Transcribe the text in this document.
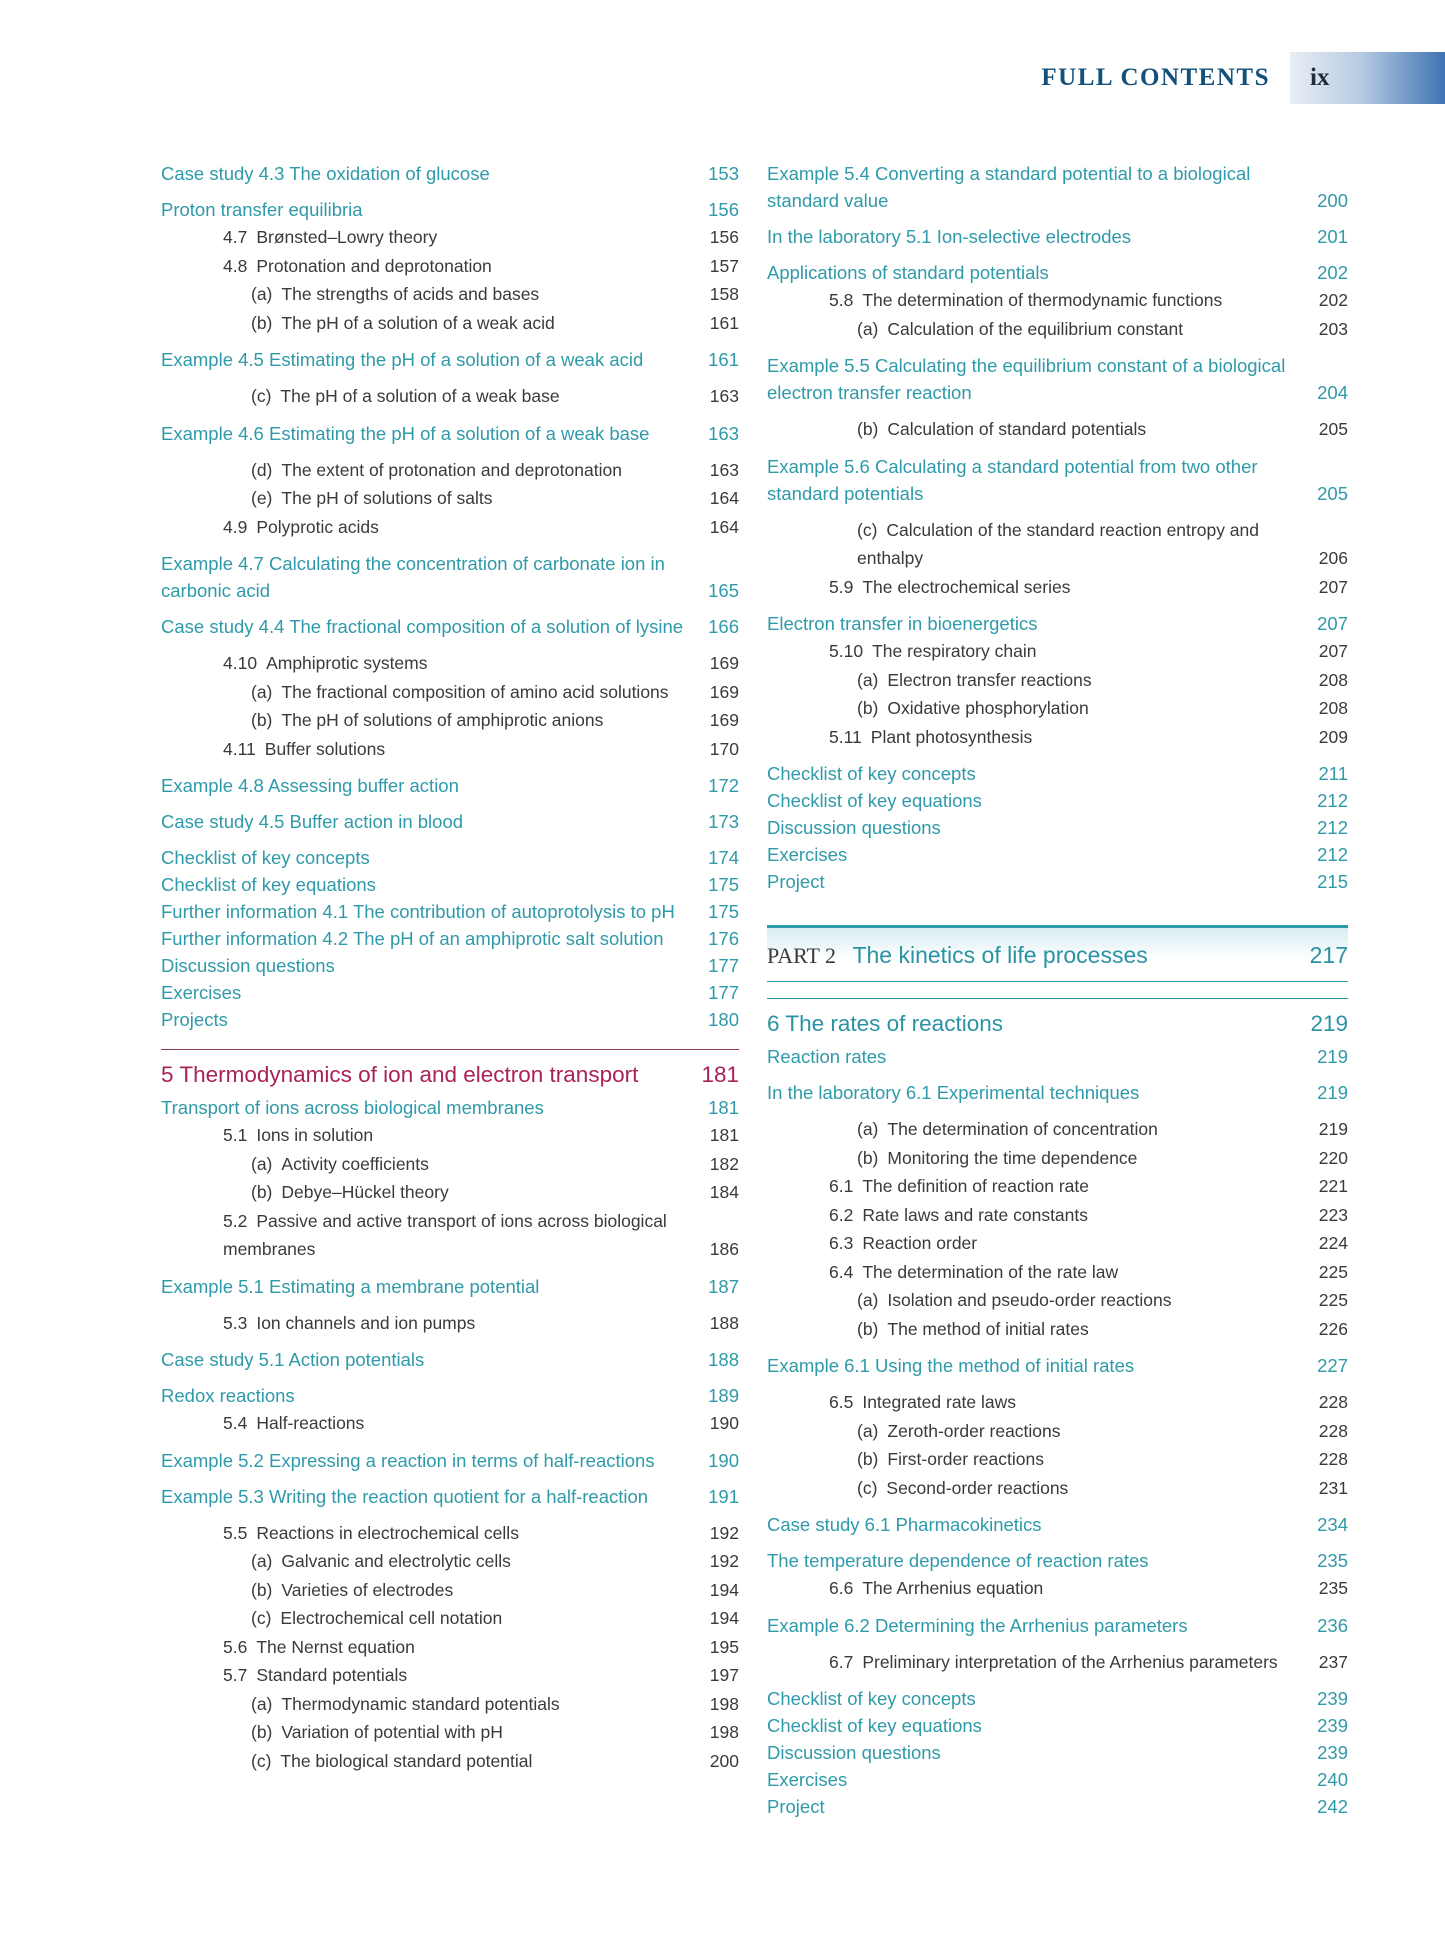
FULL CONTENTS ix
Case study 4.3 The oxidation of glucose	153
Proton transfer equilibria	156
4.7 Brønsted–Lowry theory	156
4.8 Protonation and deprotonation	157
(a) The strengths of acids and bases	158
(b) The pH of a solution of a weak acid	161
Example 4.5 Estimating the pH of a solution of a weak acid	161
(c) The pH of a solution of a weak base	163
Example 4.6 Estimating the pH of a solution of a weak base	163
(d) The extent of protonation and deprotonation	163
(e) The pH of solutions of salts	164
4.9 Polyprotic acids	164
Example 4.7 Calculating the concentration of carbonate ion in carbonic acid	165
Case study 4.4 The fractional composition of a solution of lysine	166
4.10 Amphiprotic systems	169
(a) The fractional composition of amino acid solutions	169
(b) The pH of solutions of amphiprotic anions	169
4.11 Buffer solutions	170
Example 4.8 Assessing buffer action	172
Case study 4.5 Buffer action in blood	173
Checklist of key concepts	174
Checklist of key equations	175
Further information 4.1 The contribution of autoprotolysis to pH	175
Further information 4.2 The pH of an amphiprotic salt solution	176
Discussion questions	177
Exercises	177
Projects	180
5 Thermodynamics of ion and electron transport	181
Transport of ions across biological membranes	181
5.1 Ions in solution	181
(a) Activity coefficients	182
(b) Debye–Hückel theory	184
5.2 Passive and active transport of ions across biological membranes	186
Example 5.1 Estimating a membrane potential	187
5.3 Ion channels and ion pumps	188
Case study 5.1 Action potentials	188
Redox reactions	189
5.4 Half-reactions	190
Example 5.2 Expressing a reaction in terms of half-reactions	190
Example 5.3 Writing the reaction quotient for a half-reaction	191
5.5 Reactions in electrochemical cells	192
(a) Galvanic and electrolytic cells	192
(b) Varieties of electrodes	194
(c) Electrochemical cell notation	194
5.6 The Nernst equation	195
5.7 Standard potentials	197
(a) Thermodynamic standard potentials	198
(b) Variation of potential with pH	198
(c) The biological standard potential	200
Example 5.4 Converting a standard potential to a biological standard value	200
In the laboratory 5.1 Ion-selective electrodes	201
Applications of standard potentials	202
5.8 The determination of thermodynamic functions	202
(a) Calculation of the equilibrium constant	203
Example 5.5 Calculating the equilibrium constant of a biological electron transfer reaction	204
(b) Calculation of standard potentials	205
Example 5.6 Calculating a standard potential from two other standard potentials	205
(c) Calculation of the standard reaction entropy and enthalpy	206
5.9 The electrochemical series	207
Electron transfer in bioenergetics	207
5.10 The respiratory chain	207
(a) Electron transfer reactions	208
(b) Oxidative phosphorylation	208
5.11 Plant photosynthesis	209
Checklist of key concepts	211
Checklist of key equations	212
Discussion questions	212
Exercises	212
Project	215
PART 2 The kinetics of life processes	217
6 The rates of reactions	219
Reaction rates	219
In the laboratory 6.1 Experimental techniques	219
(a) The determination of concentration	219
(b) Monitoring the time dependence	220
6.1 The definition of reaction rate	221
6.2 Rate laws and rate constants	223
6.3 Reaction order	224
6.4 The determination of the rate law	225
(a) Isolation and pseudo-order reactions	225
(b) The method of initial rates	226
Example 6.1 Using the method of initial rates	227
6.5 Integrated rate laws	228
(a) Zeroth-order reactions	228
(b) First-order reactions	228
(c) Second-order reactions	231
Case study 6.1 Pharmacokinetics	234
The temperature dependence of reaction rates	235
6.6 The Arrhenius equation	235
Example 6.2 Determining the Arrhenius parameters	236
6.7 Preliminary interpretation of the Arrhenius parameters	237
Checklist of key concepts	239
Checklist of key equations	239
Discussion questions	239
Exercises	240
Project	242
